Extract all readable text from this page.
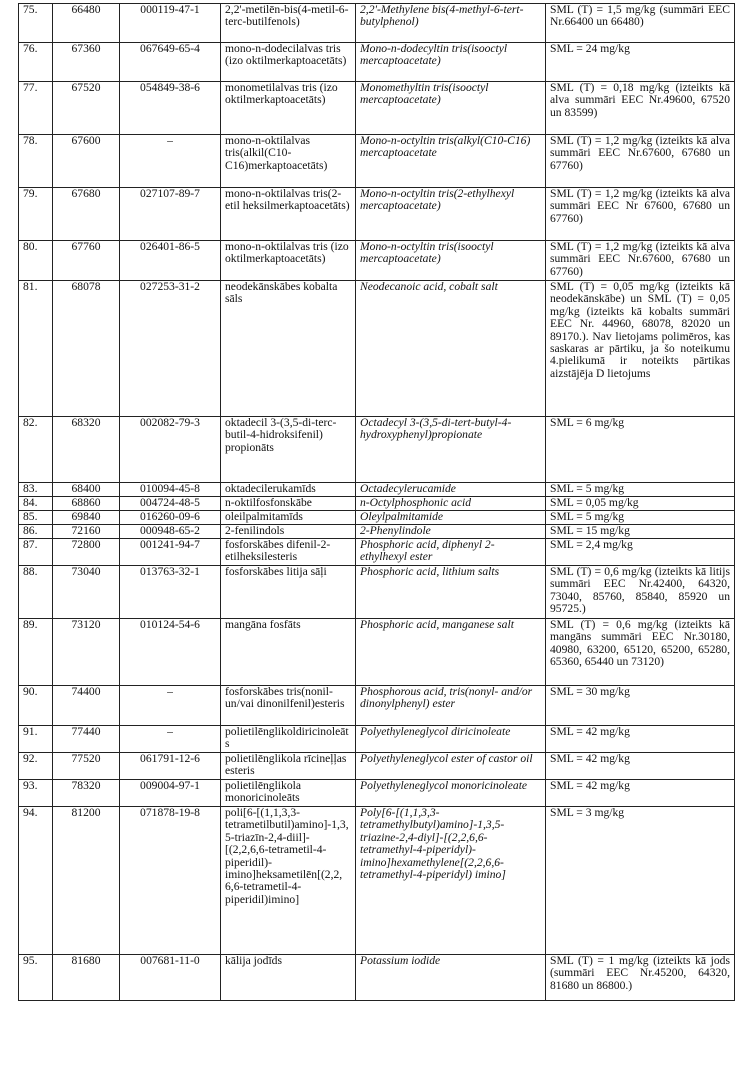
75.	66480	000119-47-1	2,2'-metilēn-bis(4-metil-6-terc-butilfenols)	2,2'-Methylene bis(4-methyl-6-tert-butylphenol)	SML (T) = 1,5 mg/kg (summāri EEC Nr.66400 un 66480)
76.	67360	067649-65-4	mono-n-dodecilalvas tris (izo oktilmerkaptoacetāts)	Mono-n-dodecyltin tris(isooctyl mercaptoacetate)	SML = 24 mg/kg
77.	67520	054849-38-6	monometilalvas tris (izo oktilmerkaptoacetāts)	Monomethyltin tris(isooctyl mercaptoacetate)	SML (T) = 0,18 mg/kg (izteikts kā alva summāri EEC Nr.49600, 67520 un 83599)
78.	67600	–	mono-n-oktilalvas tris(alkil(C10-C16)merkaptoacetāts)	Mono-n-octyltin tris(alkyl(C10-C16) mercaptoacetate	SML (T) = 1,2 mg/kg (izteikts kā alva summāri EEC Nr.67600, 67680 un 67760)
79.	67680	027107-89-7	mono-n-oktilalvas tris(2-etil heksilmerkaptoacetāts)	Mono-n-octyltin tris(2-ethylhexyl mercaptoacetate)	SML (T) = 1,2 mg/kg (izteikts kā alva summāri EEC Nr 67600, 67680 un 67760)
80.	67760	026401-86-5	mono-n-oktilalvas tris (izo oktilmerkaptoacetāts)	Mono-n-octyltin tris(isooctyl mercaptoacetate)	SML (T) = 1,2 mg/kg (izteikts kā alva summāri EEC Nr.67600, 67680 un 67760)
81.	68078	027253-31-2	neodekānskābes kobalta sāls	Neodecanoic acid, cobalt salt	SML (T) = 0,05 mg/kg (izteikts kā neodekānskābe) un SML (T) = 0,05 mg/kg (izteikts kā kobalts summāri EEC Nr. 44960, 68078, 82020 un 89170.). Nav lietojams polimēros, kas saskaras ar pārtiku, ja šo noteikumu 4.pielikumā ir noteikts pārtikas aizstājēja D lietojums
82.	68320	002082-79-3	oktadecil 3-(3,5-di-terc-butil-4-hidroksifenil) propionāts	Octadecyl 3-(3,5-di-tert-butyl-4-hydroxyphenyl)propionate	SML = 6 mg/kg
83.	68400	010094-45-8	oktadecilerukamīds	Octadecylerucamide	SML = 5 mg/kg
84.	68860	004724-48-5	n-oktilfosfonskābe	n-Octylphosphonic acid	SML = 0,05 mg/kg
85.	69840	016260-09-6	oleilpalmitamīds	Oleylpalmitamide	SML = 5 mg/kg
86.	72160	000948-65-2	2-fenilindols	2-Phenylindole	SML = 15 mg/kg
87.	72800	001241-94-7	fosforskābes difenil-2-etilheksilesteris	Phosphoric acid, diphenyl 2-ethylhexyl ester	SML = 2,4 mg/kg
88.	73040	013763-32-1	fosforskābes litija sāļi	Phosphoric acid, lithium salts	SML (T) = 0,6 mg/kg (izteikts kā litijs summāri EEC Nr.42400, 64320, 73040, 85760, 85840, 85920 un 95725.)
89.	73120	010124-54-6	mangāna fosfāts	Phosphoric acid, manganese salt	SML (T) = 0,6 mg/kg (izteikts kā mangāns summāri EEC Nr.30180, 40980, 63200, 65120, 65200, 65280, 65360, 65440 un 73120)
90.	74400	–	fosforskābes tris(nonil- un/vai dinonilfenil)esteris	Phosphorous acid, tris(nonyl- and/or dinonylphenyl) ester	SML = 30 mg/kg
91.	77440	–	polietilēnglikoldiricinoleāts	Polyethyleneglycol diricinoleate	SML = 42 mg/kg
92.	77520	061791-12-6	polietilēnglikola rīcineļļas esteris	Polyethyleneglycol ester of castor oil	SML = 42 mg/kg
93.	78320	009004-97-1	polietilēnglikola monoricinoleāts	Polyethyleneglycol monoricinoleate	SML = 42 mg/kg
94.	81200	071878-19-8	poli[6-[(1,1,3,3-tetrametilbutil)amino]-1,3,5-triazīn-2,4-diil]-[(2,2,6,6-tetrametil-4-piperidil)-imino]heksametilēn[(2,2, 6,6-tetrametil-4-piperidil)imino]	Poly[6-[(1,1,3,3-tetramethylbutyl)amino]-1,3,5-triazine-2,4-diyl]-[(2,2,6,6-tetramethyl-4-piperidyl)-imino]hexamethylene[(2,2,6,6-tetramethyl-4-piperidyl) imino]	SML = 3 mg/kg
95.	81680	007681-11-0	kālija jodīds	Potassium iodide	SML (T) = 1 mg/kg (izteikts kā jods (summāri EEC Nr.45200, 64320, 81680 un 86800.)
